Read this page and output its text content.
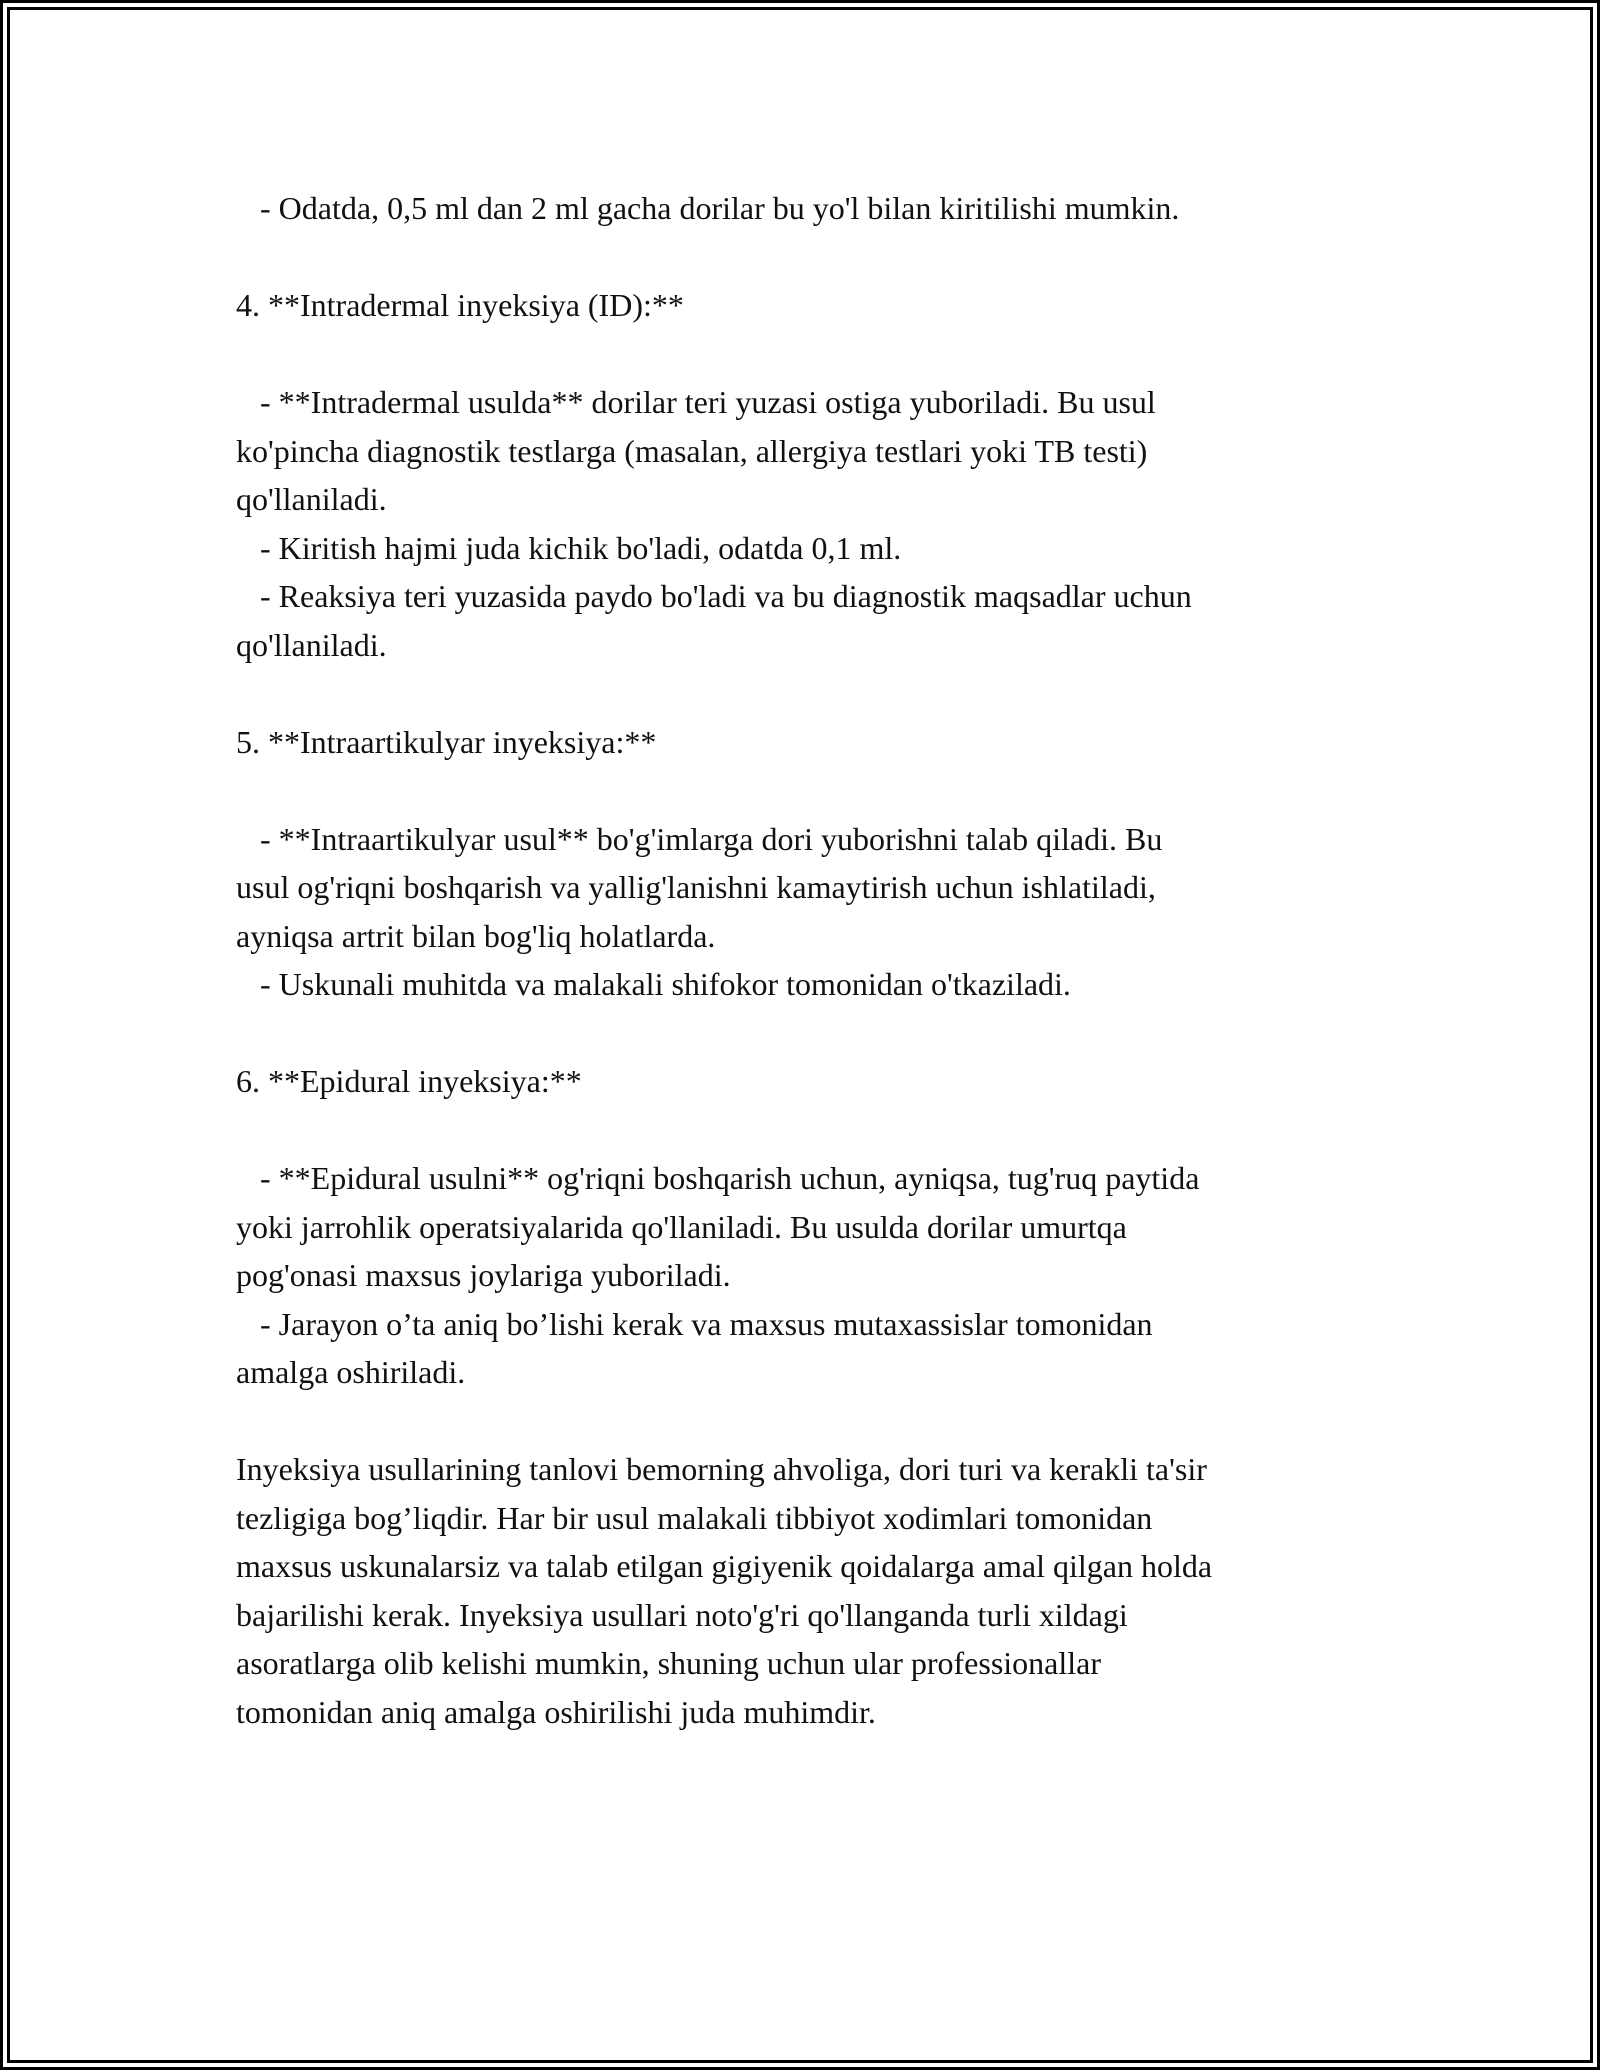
- Odatda, 0,5 ml dan 2 ml gacha dorilar bu yo'l bilan kiritilishi mumkin.

4. **Intradermal inyeksiya (ID):**

- **Intradermal usulda** dorilar teri yuzasi ostiga yuboriladi. Bu usul

ko'pincha diagnostik testlarga (masalan, allergiya testlari yoki TB testi)

qo'llaniladi.

- Kiritish hajmi juda kichik bo'ladi, odatda 0,1 ml.

- Reaksiya teri yuzasida paydo bo'ladi va bu diagnostik maqsadlar uchun

qo'llaniladi.

5. **Intraartikulyar inyeksiya:**

- **Intraartikulyar usul** bo'g'imlarga dori yuborishni talab qiladi. Bu

usul og'riqni boshqarish va yallig'lanishni kamaytirish uchun ishlatiladi,

ayniqsa artrit bilan bog'liq holatlarda.

- Uskunali muhitda va malakali shifokor tomonidan o'tkaziladi.

6. **Epidural inyeksiya:**

- **Epidural usulni** og'riqni boshqarish uchun, ayniqsa, tug'ruq paytida

yoki jarrohlik operatsiyalarida qo'llaniladi. Bu usulda dorilar umurtqa

pog'onasi maxsus joylariga yuboriladi.

- Jarayon o’ta aniq bo’lishi kerak va maxsus mutaxassislar tomonidan

amalga oshiriladi.

Inyeksiya usullarining tanlovi bemorning ahvoliga, dori turi va kerakli ta'sir

tezligiga bog’liqdir. Har bir usul malakali tibbiyot xodimlari tomonidan

maxsus uskunalarsiz va talab etilgan gigiyenik qoidalarga amal qilgan holda

bajarilishi kerak. Inyeksiya usullari noto'g'ri qo'llanganda turli xildagi

asoratlarga olib kelishi mumkin, shuning uchun ular professionallar

tomonidan aniq amalga oshirilishi juda muhimdir.
